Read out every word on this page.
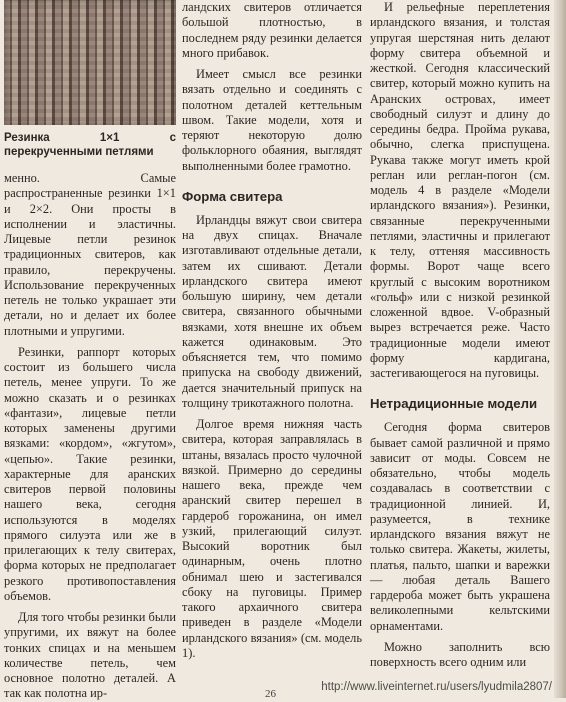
Резинка 1×1 с перекрученными петлями

менно. Самые распространенные резинки 1×1 и 2×2. Они просты в исполнении и эластичны. Лицевые петли резинок традиционных свитеров, как правило, перекручены. Использование перекрученных петель не только украшает эти детали, но и делает их более плотными и упругими.

Резинки, раппорт которых состоит из большего числа петель, менее упруги. То же можно сказать и о резинках «фантази», лицевые петли которых заменены другими вязками: «кордом», «жгутом», «цепью». Такие резинки, характерные для аранских свитеров первой половины нашего века, сегодня используются в моделях прямого силуэта или же в прилегающих к телу свитерах, форма которых не предполагает резкого противопоставления объемов.

Для того чтобы резинки были упругими, их вяжут на более тонких спицах и на меньшем количестве петель, чем основное полотно деталей. А так как полотна ир-

ландских свитеров отличается большой плотностью, в последнем ряду резинки делается много прибавок.

Имеет смысл все резинки вязать отдельно и соединять с полотном деталей кеттельным швом. Такие модели, хотя и теряют некоторую долю фольклорного обаяния, выглядят выполненными более грамотно.

Форма свитера

Ирландцы вяжут свои свитера на двух спицах. Вначале изготавливают отдельные детали, затем их сшивают. Детали ирландского свитера имеют большую ширину, чем детали свитера, связанного обычными вязками, хотя внешне их объем кажется одинаковым. Это объясняется тем, что помимо припуска на свободу движений, дается значительный припуск на толщину трикотажного полотна.

Долгое время нижняя часть свитера, которая заправлялась в штаны, вязалась просто чулочной вязкой. Примерно до середины нашего века, прежде чем аранский свитер перешел в гардероб горожанина, он имел узкий, прилегающий силуэт. Высокий воротник был одинарным, очень плотно обнимал шею и застегивался сбоку на пуговицы. Пример такого архаичного свитера приведен в разделе «Модели ирландского вязания» (см. модель 1).

И рельефные переплетения ирландского вязания, и толстая упругая шерстяная нить делают форму свитера объемной и жесткой. Сегодня классический свитер, который можно купить на Аранских островах, имеет свободный силуэт и длину до середины бедра. Пройма рукава, обычно, слегка приспущена. Рукава также могут иметь крой реглан или реглан-погон (см. модель 4 в разделе «Модели ирландского вязания»). Резинки, связанные перекрученными петлями, эластичны и прилегают к телу, оттеняя массивность формы. Ворот чаще всего круглый с высоким воротником «гольф» или с низкой резинкой сложенной вдвое. V-образный вырез встречается реже. Часто традиционные модели имеют форму кардигана, застегивающегося на пуговицы.

Нетрадиционные модели

Сегодня форма свитеров бывает самой различной и прямо зависит от моды. Совсем не обязательно, чтобы модель создавалась в соответствии с традиционной линией. И, разумеется, в технике ирландского вязания вяжут не только свитера. Жакеты, жилеты, платья, пальто, шапки и варежки — любая деталь Вашего гардероба может быть украшена великолепными кельтскими орнаментами.

Можно заполнить всю поверхность всего одним или

26
http://www.liveinternet.ru/users/lyudmila2807/
